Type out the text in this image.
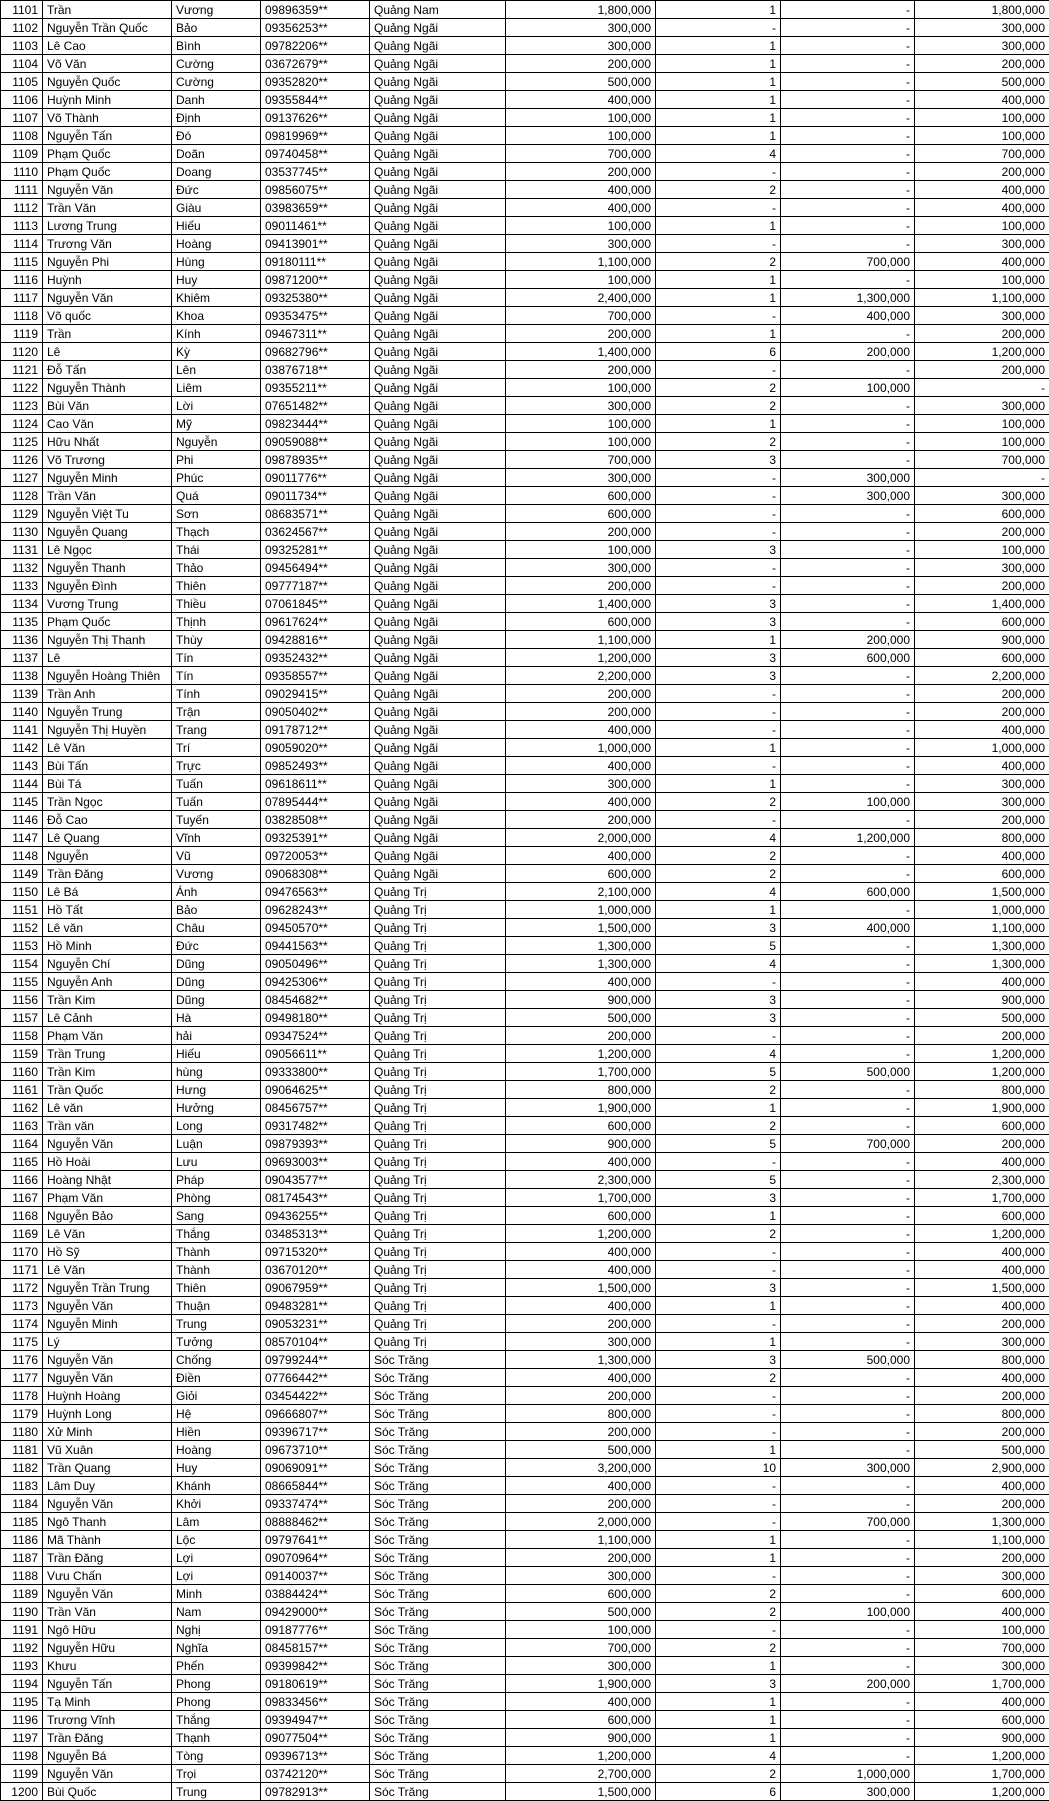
1101	Trần	Vương	09896359**	Quảng Nam	1,800,000	1	-	1,800,000
1102	Nguyễn Trần Quốc	Bảo	09356253**	Quảng Ngãi	300,000	-	-	300,000
1103	Lê Cao	Bình	09782206**	Quảng Ngãi	300,000	1	-	300,000
1104	Võ Văn	Cường	03672679**	Quảng Ngãi	200,000	1	-	200,000
1105	Nguyễn Quốc	Cường	09352820**	Quảng Ngãi	500,000	1	-	500,000
1106	Huỳnh Minh	Danh	09355844**	Quảng Ngãi	400,000	1	-	400,000
1107	Võ Thành	Định	09137626**	Quảng Ngãi	100,000	1	-	100,000
1108	Nguyễn Tấn	Đó	09819969**	Quảng Ngãi	100,000	1	-	100,000
1109	Phạm Quốc	Doãn	09740458**	Quảng Ngãi	700,000	4	-	700,000
1110	Phạm Quốc	Doang	03537745**	Quảng Ngãi	200,000	-	-	200,000
1111	Nguyễn Văn	Đức	09856075**	Quảng Ngãi	400,000	2	-	400,000
1112	Trần Văn	Giàu	03983659**	Quảng Ngãi	400,000	-	-	400,000
1113	Lương Trung	Hiếu	09011461**	Quảng Ngãi	100,000	1	-	100,000
1114	Trương Văn	Hoàng	09413901**	Quảng Ngãi	300,000	-	-	300,000
1115	Nguyễn Phi	Hùng	09180111**	Quảng Ngãi	1,100,000	2	700,000	400,000
1116	Huỳnh	Huy	09871200**	Quảng Ngãi	100,000	1	-	100,000
1117	Nguyễn Văn	Khiêm	09325380**	Quảng Ngãi	2,400,000	1	1,300,000	1,100,000
1118	Võ quốc	Khoa	09353475**	Quảng Ngãi	700,000	-	400,000	300,000
1119	Trần	Kính	09467311**	Quảng Ngãi	200,000	1	-	200,000
1120	Lê	Kỳ	09682796**	Quảng Ngãi	1,400,000	6	200,000	1,200,000
1121	Đỗ Tấn	Lên	03876718**	Quảng Ngãi	200,000	-	-	200,000
1122	Nguyễn Thành	Liêm	09355211**	Quảng Ngãi	100,000	2	100,000	-
1123	Bùi Văn	Lời	07651482**	Quảng Ngãi	300,000	2	-	300,000
1124	Cao Văn	Mỹ	09823444**	Quảng Ngãi	100,000	1	-	100,000
1125	Hữu Nhất	Nguyễn	09059088**	Quảng Ngãi	100,000	2	-	100,000
1126	Võ Trương	Phi	09878935**	Quảng Ngãi	700,000	3	-	700,000
1127	Nguyễn Minh	Phúc	09011776**	Quảng Ngãi	300,000	-	300,000	-
1128	Trần Văn	Quá	09011734**	Quảng Ngãi	600,000	-	300,000	300,000
1129	Nguyễn Việt Tu	Sơn	08683571**	Quảng Ngãi	600,000	-	-	600,000
1130	Nguyễn Quang	Thạch	03624567**	Quảng Ngãi	200,000	-	-	200,000
1131	Lê Ngọc	Thái	09325281**	Quảng Ngãi	100,000	3	-	100,000
1132	Nguyễn Thanh	Thảo	09456494**	Quảng Ngãi	300,000	-	-	300,000
1133	Nguyễn Đình	Thiên	09777187**	Quảng Ngãi	200,000	-	-	200,000
1134	Vương Trung	Thiều	07061845**	Quảng Ngãi	1,400,000	3	-	1,400,000
1135	Phạm Quốc	Thịnh	09617624**	Quảng Ngãi	600,000	3	-	600,000
1136	Nguyễn Thị Thanh	Thùy	09428816**	Quảng Ngãi	1,100,000	1	200,000	900,000
1137	Lê	Tín	09352432**	Quảng Ngãi	1,200,000	3	600,000	600,000
1138	Nguyễn Hoàng Thiên	Tín	09358557**	Quảng Ngãi	2,200,000	3	-	2,200,000
1139	Trần Anh	Tính	09029415**	Quảng Ngãi	200,000	-	-	200,000
1140	Nguyễn Trung	Trận	09050402**	Quảng Ngãi	200,000	-	-	200,000
1141	Nguyễn Thị Huyền	Trang	09178712**	Quảng Ngãi	400,000	-	-	400,000
1142	Lê Văn	Trí	09059020**	Quảng Ngãi	1,000,000	1	-	1,000,000
1143	Bùi Tấn	Trực	09852493**	Quảng Ngãi	400,000	-	-	400,000
1144	Bùi Tá	Tuấn	09618611**	Quảng Ngãi	300,000	1	-	300,000
1145	Trần Ngọc	Tuấn	07895444**	Quảng Ngãi	400,000	2	100,000	300,000
1146	Đỗ Cao	Tuyến	03828508**	Quảng Ngãi	200,000	-	-	200,000
1147	Lê Quang	Vĩnh	09325391**	Quảng Ngãi	2,000,000	4	1,200,000	800,000
1148	Nguyễn	Vũ	09720053**	Quảng Ngãi	400,000	2	-	400,000
1149	Trần Đăng	Vương	09068308**	Quảng Ngãi	600,000	2	-	600,000
1150	Lê Bá	Ánh	09476563**	Quảng Trị	2,100,000	4	600,000	1,500,000
1151	Hồ Tất	Bảo	09628243**	Quảng Trị	1,000,000	1	-	1,000,000
1152	Lê văn	Châu	09450570**	Quảng Trị	1,500,000	3	400,000	1,100,000
1153	Hồ Minh	Đức	09441563**	Quảng Trị	1,300,000	5	-	1,300,000
1154	Nguyễn Chí	Dũng	09050496**	Quảng Trị	1,300,000	4	-	1,300,000
1155	Nguyễn Anh	Dũng	09425306**	Quảng Trị	400,000	-	-	400,000
1156	Trần Kim	Dũng	08454682**	Quảng Trị	900,000	3	-	900,000
1157	Lê Cảnh	Hà	09498180**	Quảng Trị	500,000	3	-	500,000
1158	Phạm Văn	hải	09347524**	Quảng Trị	200,000	-	-	200,000
1159	Trần Trung	Hiếu	09056611**	Quảng Trị	1,200,000	4	-	1,200,000
1160	Trần Kim	hùng	09333800**	Quảng Trị	1,700,000	5	500,000	1,200,000
1161	Trần Quốc	Hưng	09064625**	Quảng Trị	800,000	2	-	800,000
1162	Lê văn	Hưởng	08456757**	Quảng Trị	1,900,000	1	-	1,900,000
1163	Trần văn	Long	09317482**	Quảng Trị	600,000	2	-	600,000
1164	Nguyễn Văn	Luận	09879393**	Quảng Trị	900,000	5	700,000	200,000
1165	Hồ Hoài	Lưu	09693003**	Quảng Trị	400,000	-	-	400,000
1166	Hoàng Nhật	Pháp	09043577**	Quảng Trị	2,300,000	5	-	2,300,000
1167	Phạm Văn	Phòng	08174543**	Quảng Trị	1,700,000	3	-	1,700,000
1168	Nguyễn Bảo	Sang	09436255**	Quảng Trị	600,000	1	-	600,000
1169	Lê Văn	Thắng	03485313**	Quảng Trị	1,200,000	2	-	1,200,000
1170	Hồ Sỹ	Thành	09715320**	Quảng Trị	400,000	-	-	400,000
1171	Lê Văn	Thành	03670120**	Quảng Trị	400,000	-	-	400,000
1172	Nguyễn Trần Trung	Thiên	09067959**	Quảng Trị	1,500,000	3	-	1,500,000
1173	Nguyễn Văn	Thuận	09483281**	Quảng Trị	400,000	1	-	400,000
1174	Nguyễn Minh	Trung	09053231**	Quảng Trị	200,000	-	-	200,000
1175	Lý	Tưởng	08570104**	Quảng Trị	300,000	1	-	300,000
1176	Nguyễn Văn	Chống	09799244**	Sóc Trăng	1,300,000	3	500,000	800,000
1177	Nguyễn Văn	Điền	07766442**	Sóc Trăng	400,000	2	-	400,000
1178	Huỳnh Hoàng	Giỏi	03454422**	Sóc Trăng	200,000	-	-	200,000
1179	Huỳnh Long	Hệ	09666807**	Sóc Trăng	800,000	-	-	800,000
1180	Xử Minh	Hiền	09396717**	Sóc Trăng	200,000	-	-	200,000
1181	Vũ Xuân	Hoàng	09673710**	Sóc Trăng	500,000	1	-	500,000
1182	Trần Quang	Huy	09069091**	Sóc Trăng	3,200,000	10	300,000	2,900,000
1183	Lâm Duy	Khánh	08665844**	Sóc Trăng	400,000	-	-	400,000
1184	Nguyễn Văn	Khởi	09337474**	Sóc Trăng	200,000	-	-	200,000
1185	Ngô Thanh	Lâm	08888462**	Sóc Trăng	2,000,000	-	700,000	1,300,000
1186	Mã Thành	Lộc	09797641**	Sóc Trăng	1,100,000	1	-	1,100,000
1187	Trần Đăng	Lợi	09070964**	Sóc Trăng	200,000	1	-	200,000
1188	Vưu Chấn	Lợi	09140037**	Sóc Trăng	300,000	-	-	300,000
1189	Nguyễn Văn	Minh	03884424**	Sóc Trăng	600,000	2	-	600,000
1190	Trần Văn	Nam	09429000**	Sóc Trăng	500,000	2	100,000	400,000
1191	Ngô Hữu	Nghị	09187776**	Sóc Trăng	100,000	-	-	100,000
1192	Nguyễn Hữu	Nghĩa	08458157**	Sóc Trăng	700,000	2	-	700,000
1193	Khưu	Phến	09399842**	Sóc Trăng	300,000	1	-	300,000
1194	Nguyễn Tấn	Phong	09180619**	Sóc Trăng	1,900,000	3	200,000	1,700,000
1195	Tạ Minh	Phong	09833456**	Sóc Trăng	400,000	1	-	400,000
1196	Trương Vĩnh	Thắng	09394947**	Sóc Trăng	600,000	1	-	600,000
1197	Trần Đăng	Thạnh	09077504**	Sóc Trăng	900,000	1	-	900,000
1198	Nguyễn Bá	Tòng	09396713**	Sóc Trăng	1,200,000	4	-	1,200,000
1199	Nguyễn Văn	Trọi	03742120**	Sóc Trăng	2,700,000	2	1,000,000	1,700,000
1200	Bùi Quốc	Trung	09782913**	Sóc Trăng	1,500,000	6	300,000	1,200,000
